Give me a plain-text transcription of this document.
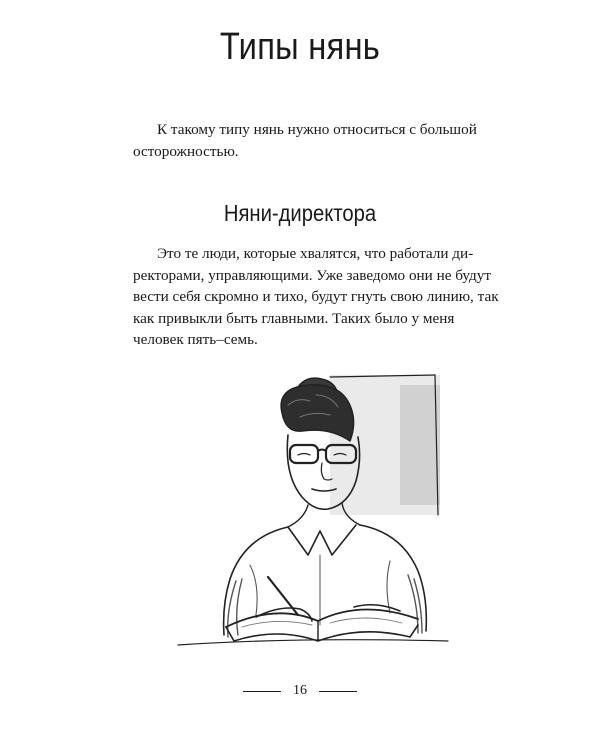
Типы нянь

К такому типу нянь нужно относиться с большой осторожностью.

Няни-директора

Это те люди, которые хвалятся, что работали директорами, управляющими. Уже заведомо они не будут вести себя скромно и тихо, будут гнуть свою линию, так как привыкли быть главными. Таких было у меня человек пять–семь.

16
